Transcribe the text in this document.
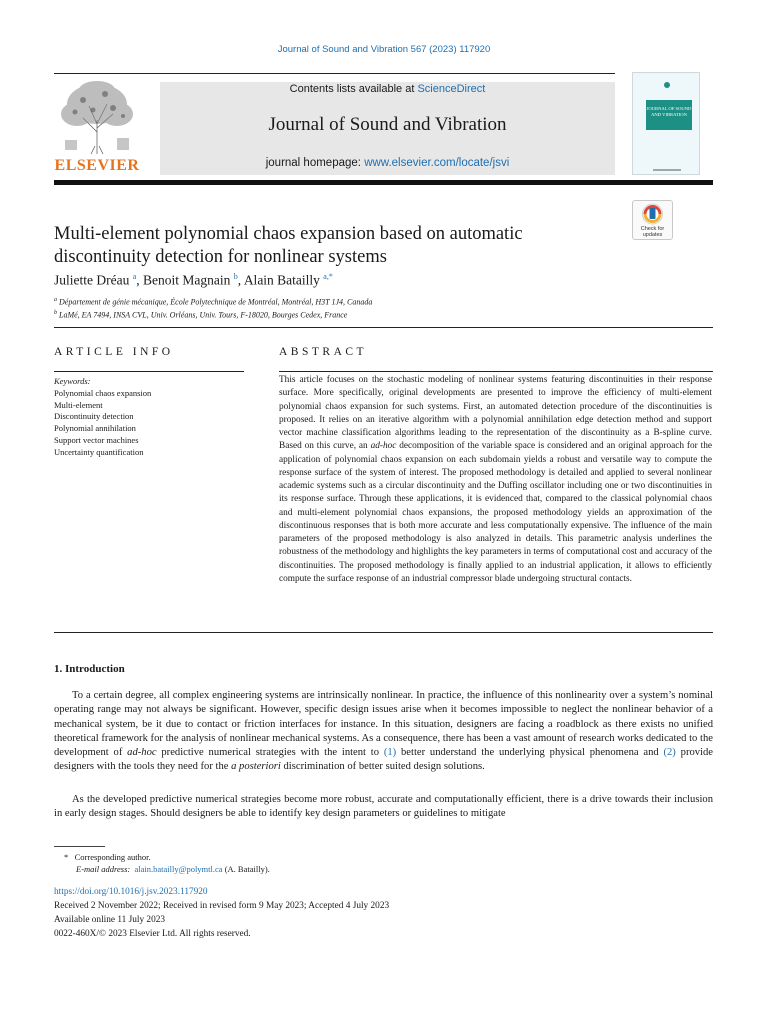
Journal of Sound and Vibration 567 (2023) 117920
ELSEVIER
Contents lists available at ScienceDirect
Journal of Sound and Vibration
journal homepage: www.elsevier.com/locate/jsvi
JOURNAL OF SOUND AND VIBRATION
Check for
updates
Multi-element polynomial chaos expansion based on automatic
discontinuity detection for nonlinear systems
Juliette Dréau $^a$, Benoit Magnain $^b$, Alain Batailly $^{a,*}$
$^a$ Département de génie mécanique, École Polytechnique de Montréal, Montréal, H3T 1J4, Canada
$^b$ LaMé, EA 7494, INSA CVL, Univ. Orléans, Univ. Tours, F-18020, Bourges Cedex, France
ARTICLE INFO
Keywords:
Polynomial chaos expansion
Multi-element
Discontinuity detection
Polynomial annihilation
Support vector machines
Uncertainty quantification
ABSTRACT
This article focuses on the stochastic modeling of nonlinear systems featuring discontinuities in their response surface. More specifically, original developments are presented to improve the efficiency of multi-element polynomial chaos expansion for such systems. First, an automated detection procedure of the discontinuities is proposed. It relies on an iterative algorithm with a polynomial annihilation edge detection method and support vector machine classification algorithms leading to the representation of the discontinuity as a B-spline curve. Based on this curve, an ad-hoc decomposition of the variable space is considered and an original approach for the application of polynomial chaos expansion on each subdomain yields a robust and versatile way to compute the response surface of the system of interest. The proposed methodology is detailed and applied to several nonlinear academic systems such as a circular discontinuity and the Duffing oscillator including one or two discontinuities in its response surface. Through these applications, it is evidenced that, compared to the classical polynomial chaos and multi-element polynomial chaos expansions, the proposed methodology yields an approximation of the discontinuous responses that is both more accurate and less computationally expensive. The influence of the main parameters of the proposed methodology is also analyzed in details. This parametric analysis underlines the robustness of the methodology and highlights the key parameters in terms of computational cost and accuracy of the discontinuities. The proposed methodology is finally applied to an industrial application, it allows to efficiently compute the surface response of an industrial compressor blade undergoing structural contacts.
1. Introduction
To a certain degree, all complex engineering systems are intrinsically nonlinear. In practice, the influence of this nonlinearity over a system’s nominal operating range may not always be significant. However, specific design issues arise when it becomes impossible to neglect the nonlinear behavior of a mechanical system, be it due to contact or friction interfaces for instance. In this situation, designers are facing a roadblock as there exists no unified theoretical framework for the analysis of nonlinear mechanical systems. As a consequence, there has been a vast amount of research works dedicated to the development of ad-hoc predictive numerical strategies with the intent to (1) better understand the underlying physical phenomena and (2) provide designers with the tools they need for the a posteriori discrimination of better suited design solutions.
As the developed predictive numerical strategies become more robust, accurate and computationally efficient, there is a drive towards their inclusion in early design stages. Should designers be able to identify key design parameters or guidelines to mitigate
* Corresponding author.
E-mail address: alain.batailly@polymtl.ca (A. Batailly).
https://doi.org/10.1016/j.jsv.2023.117920
Received 2 November 2022; Received in revised form 9 May 2023; Accepted 4 July 2023
Available online 11 July 2023
0022-460X/© 2023 Elsevier Ltd. All rights reserved.
